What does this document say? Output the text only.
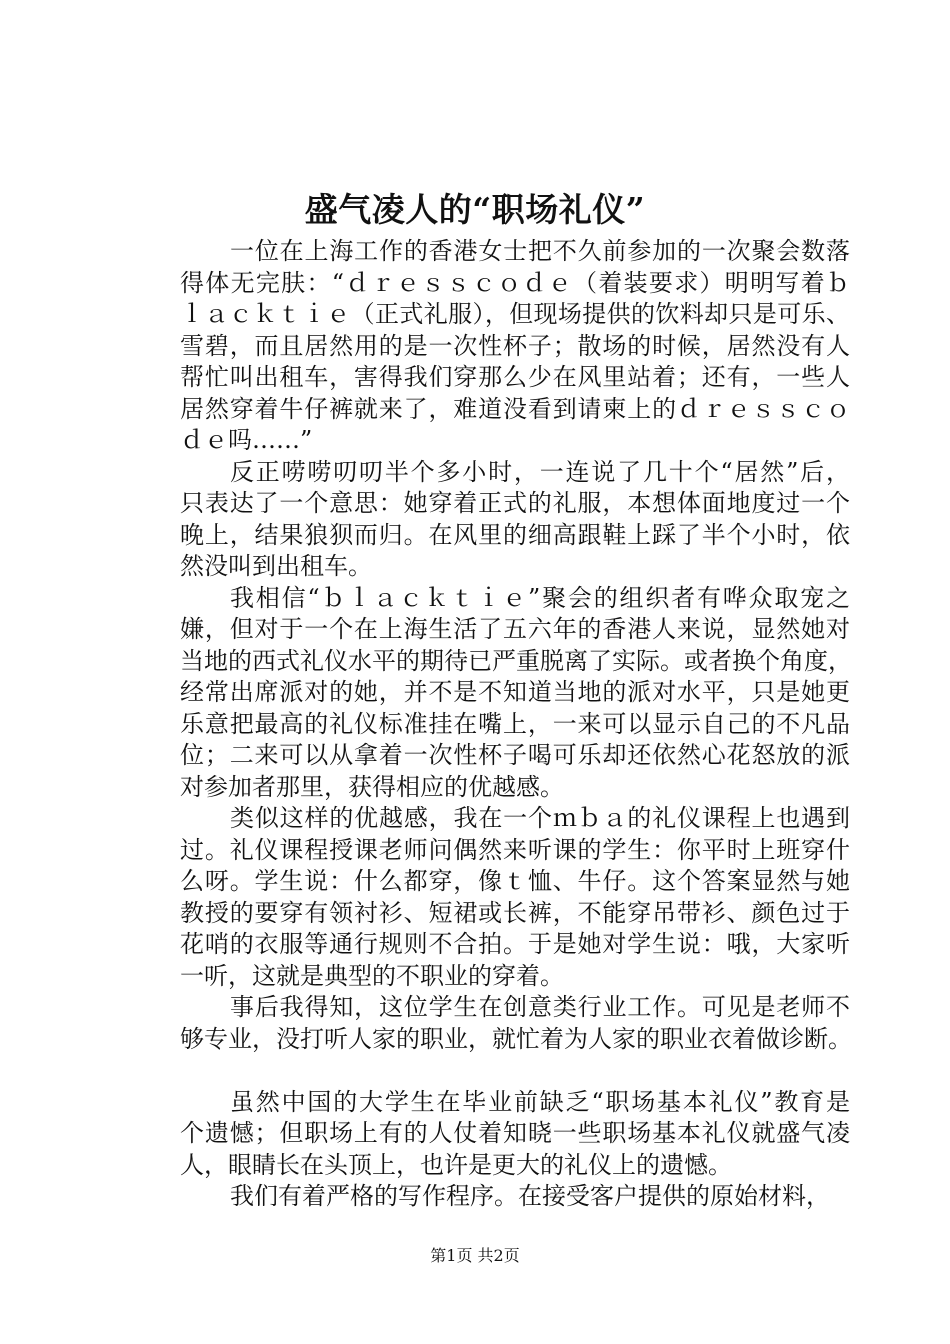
盛气凌人的“职场礼仪”
一位在上海工作的香港女士把不久前参加的一次聚会数落
得体无完肤：“ｄｒｅｓｓｃｏｄｅ（着装要求）明明写着ｂ
ｌａｃｋｔｉｅ（正式礼服），但现场提供的饮料却只是可乐、
雪碧，而且居然用的是一次性杯子；散场的时候，居然没有人
帮忙叫出租车，害得我们穿那么少在风里站着；还有，一些人
居然穿着牛仔裤就来了，难道没看到请柬上的ｄｒｅｓｓｃｏ
ｄｅ吗……”
反正唠唠叨叨半个多小时，一连说了几十个“居然”后，
只表达了一个意思：她穿着正式的礼服，本想体面地度过一个
晚上，结果狼狈而归。在风里的细高跟鞋上踩了半个小时，依
然没叫到出租车。
我相信“ｂｌａｃｋｔｉｅ”聚会的组织者有哗众取宠之
嫌，但对于一个在上海生活了五六年的香港人来说，显然她对
当地的西式礼仪水平的期待已严重脱离了实际。或者换个角度，
经常出席派对的她，并不是不知道当地的派对水平，只是她更
乐意把最高的礼仪标准挂在嘴上，一来可以显示自己的不凡品
位；二来可以从拿着一次性杯子喝可乐却还依然心花怒放的派
对参加者那里，获得相应的优越感。
类似这样的优越感，我在一个ｍｂａ的礼仪课程上也遇到
过。礼仪课程授课老师问偶然来听课的学生：你平时上班穿什
么呀。学生说：什么都穿，像ｔ恤、牛仔。这个答案显然与她
教授的要穿有领衬衫、短裙或长裤，不能穿吊带衫、颜色过于
花哨的衣服等通行规则不合拍。于是她对学生说：哦，大家听
一听，这就是典型的不职业的穿着。
事后我得知，这位学生在创意类行业工作。可见是老师不
够专业，没打听人家的职业，就忙着为人家的职业衣着做诊断。
虽然中国的大学生在毕业前缺乏“职场基本礼仪”教育是
个遗憾；但职场上有的人仗着知晓一些职场基本礼仪就盛气凌
人，眼睛长在头顶上，也许是更大的礼仪上的遗憾。
我们有着严格的写作程序。在接受客户提供的原始材料，
第1页 共2页
